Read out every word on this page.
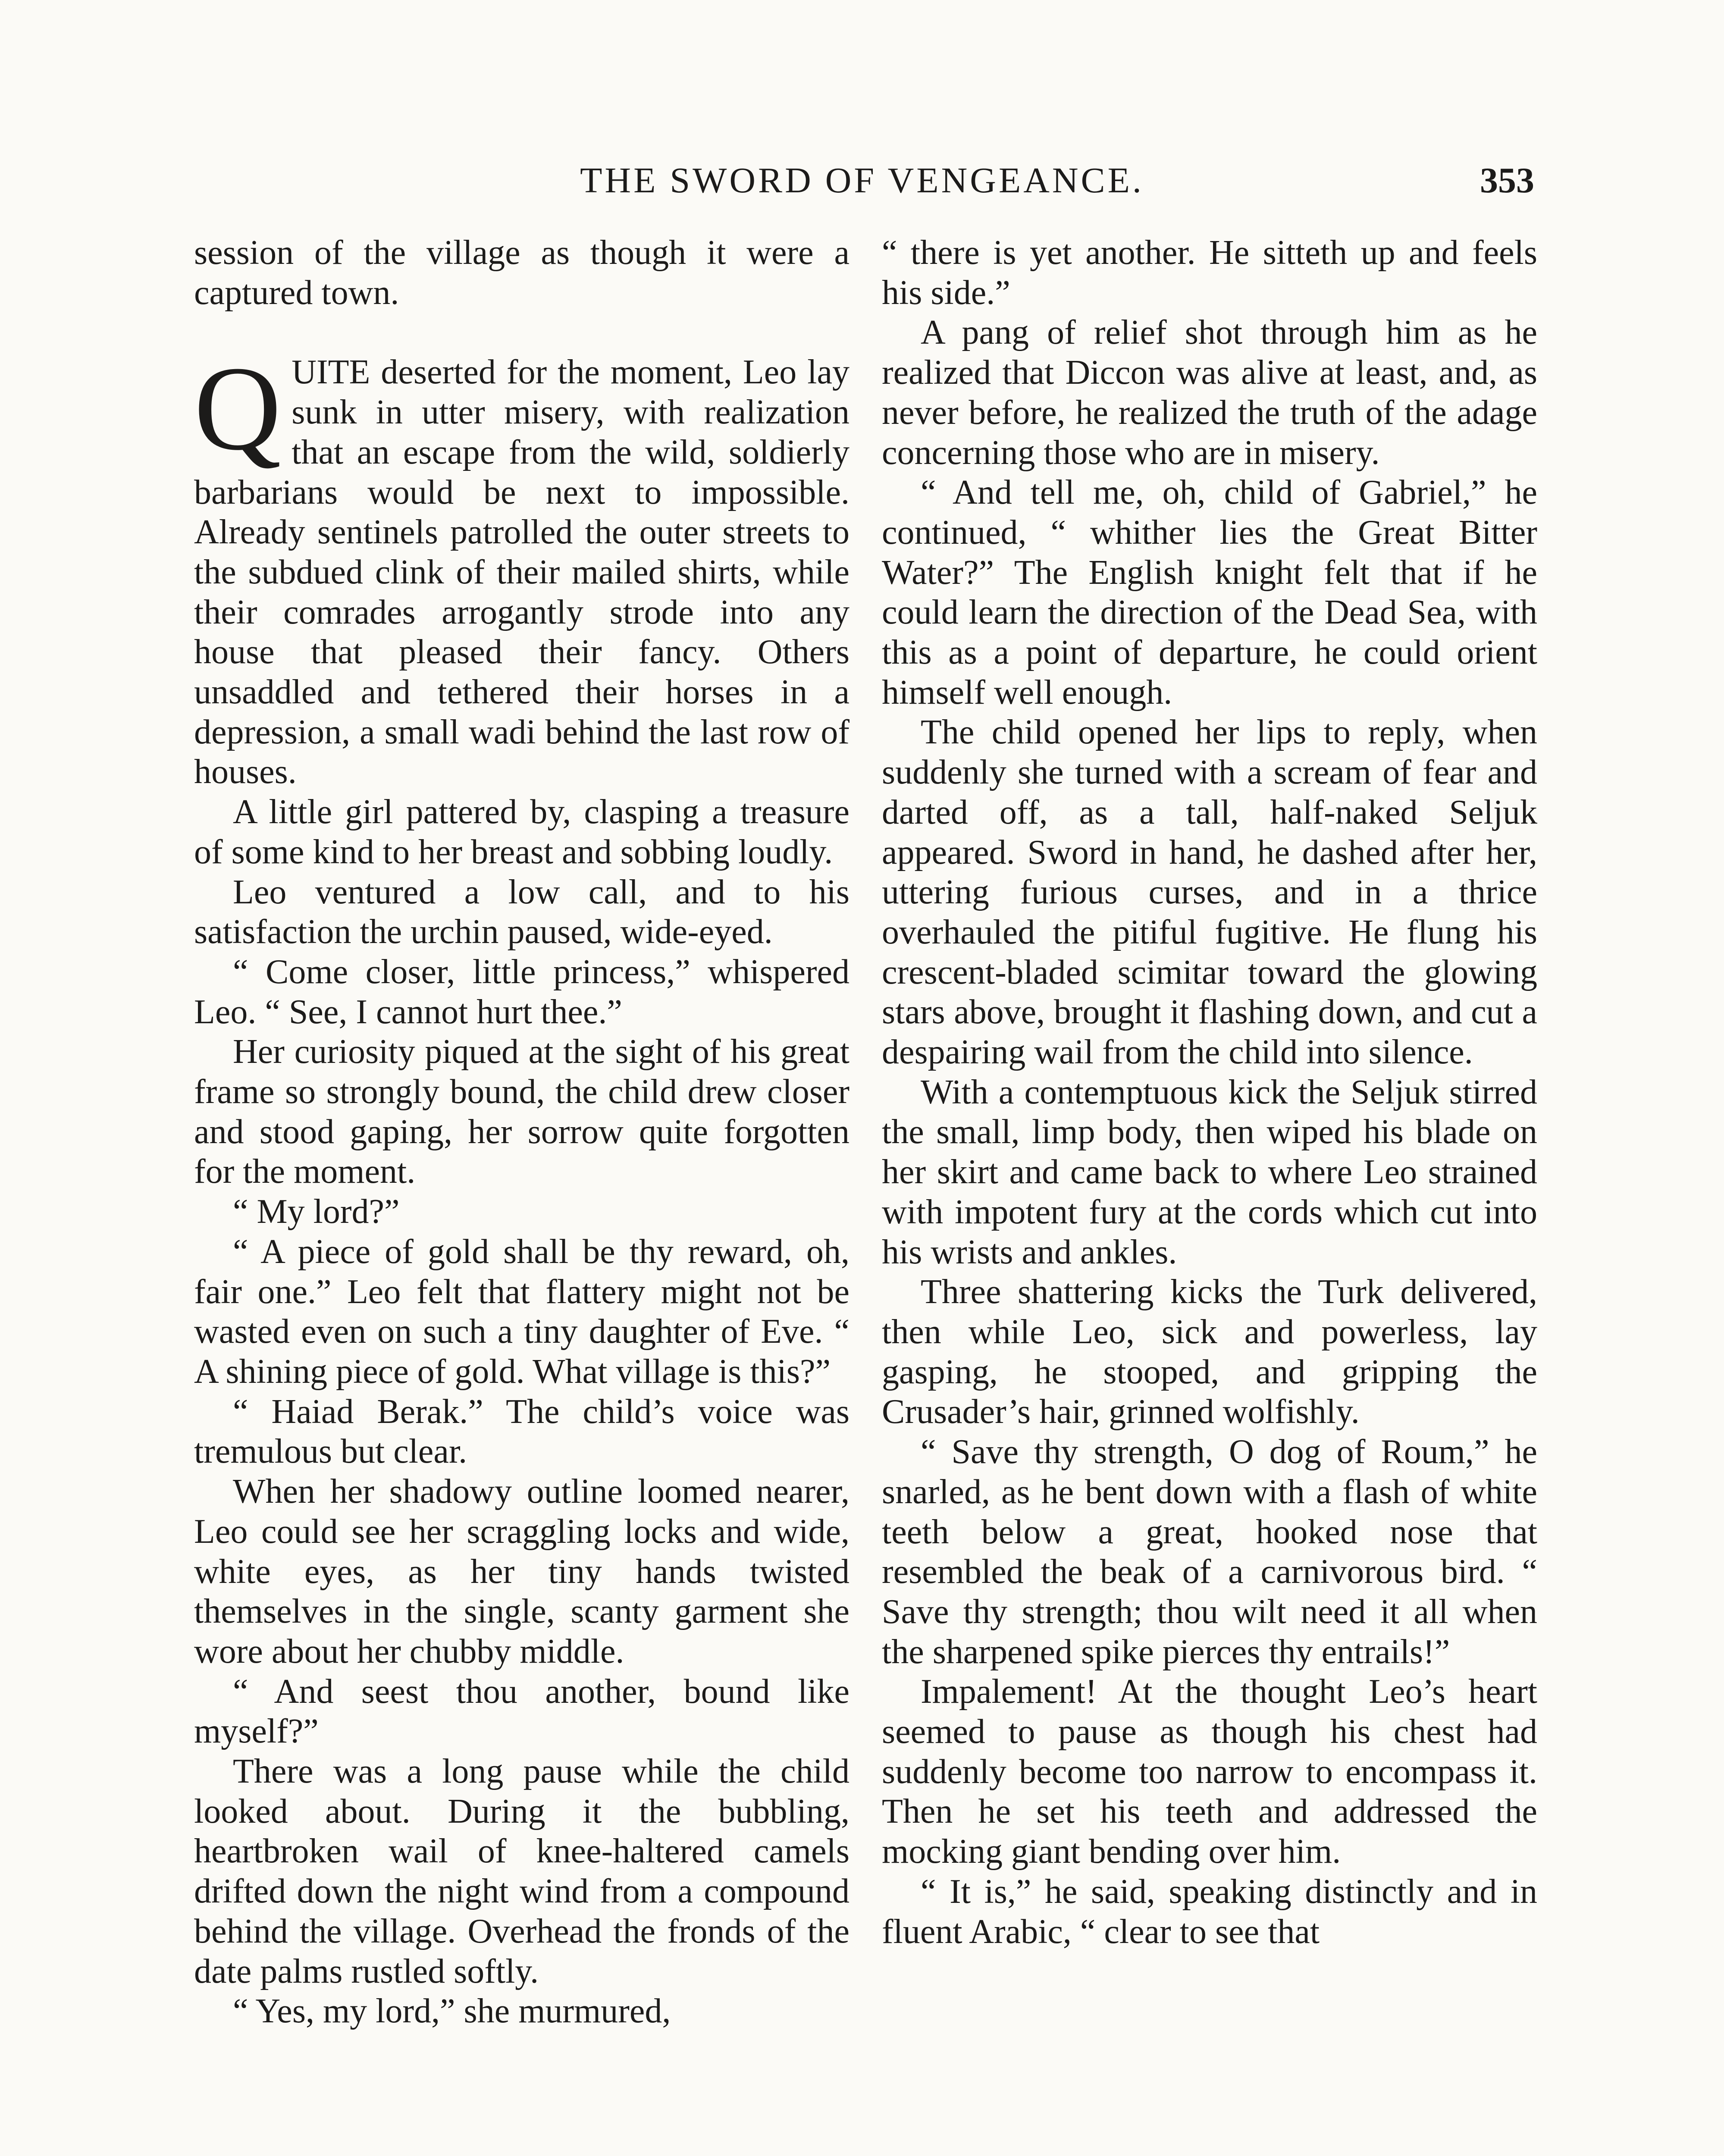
THE SWORD OF VENGEANCE.	353

session of the village as though it were a captured town.

QUITE deserted for the moment, Leo lay sunk in utter misery, with realization that an escape from the wild, soldierly barbarians would be next to impossible. Already sentinels patrolled the outer streets to the subdued clink of their mailed shirts, while their comrades arrogantly strode into any house that pleased their fancy. Others unsaddled and tethered their horses in a depression, a small wadi behind the last row of houses.

A little girl pattered by, clasping a treasure of some kind to her breast and sobbing loudly.

Leo ventured a low call, and to his satisfaction the urchin paused, wide-eyed.

“ Come closer, little princess,” whispered Leo. “ See, I cannot hurt thee.”

Her curiosity piqued at the sight of his great frame so strongly bound, the child drew closer and stood gaping, her sorrow quite forgotten for the moment.

“ My lord?”

“ A piece of gold shall be thy reward, oh, fair one.” Leo felt that flattery might not be wasted even on such a tiny daughter of Eve. “ A shining piece of gold. What village is this?”

“ Haiad Berak.” The child’s voice was tremulous but clear.

When her shadowy outline loomed nearer, Leo could see her scraggling locks and wide, white eyes, as her tiny hands twisted themselves in the single, scanty garment she wore about her chubby middle.

“ And seest thou another, bound like myself?”

There was a long pause while the child looked about. During it the bubbling, heartbroken wail of knee-haltered camels drifted down the night wind from a compound behind the village. Overhead the fronds of the date palms rustled softly.

“ Yes, my lord,” she murmured,

“ there is yet another. He sitteth up and feels his side.”

A pang of relief shot through him as he realized that Diccon was alive at least, and, as never before, he realized the truth of the adage concerning those who are in misery.

“ And tell me, oh, child of Gabriel,” he continued, “ whither lies the Great Bitter Water?” The English knight felt that if he could learn the direction of the Dead Sea, with this as a point of departure, he could orient himself well enough.

The child opened her lips to reply, when suddenly she turned with a scream of fear and darted off, as a tall, half-naked Seljuk appeared. Sword in hand, he dashed after her, uttering furious curses, and in a thrice overhauled the pitiful fugitive. He flung his crescent-bladed scimitar toward the glowing stars above, brought it flashing down, and cut a despairing wail from the child into silence.

With a contemptuous kick the Seljuk stirred the small, limp body, then wiped his blade on her skirt and came back to where Leo strained with impotent fury at the cords which cut into his wrists and ankles.

Three shattering kicks the Turk delivered, then while Leo, sick and powerless, lay gasping, he stooped, and gripping the Crusader’s hair, grinned wolfishly.

“ Save thy strength, O dog of Roum,” he snarled, as he bent down with a flash of white teeth below a great, hooked nose that resembled the beak of a carnivorous bird. “ Save thy strength; thou wilt need it all when the sharpened spike pierces thy entrails!”

Impalement! At the thought Leo’s heart seemed to pause as though his chest had suddenly become too narrow to encompass it. Then he set his teeth and addressed the mocking giant bending over him.

“ It is,” he said, speaking distinctly and in fluent Arabic, “ clear to see that
